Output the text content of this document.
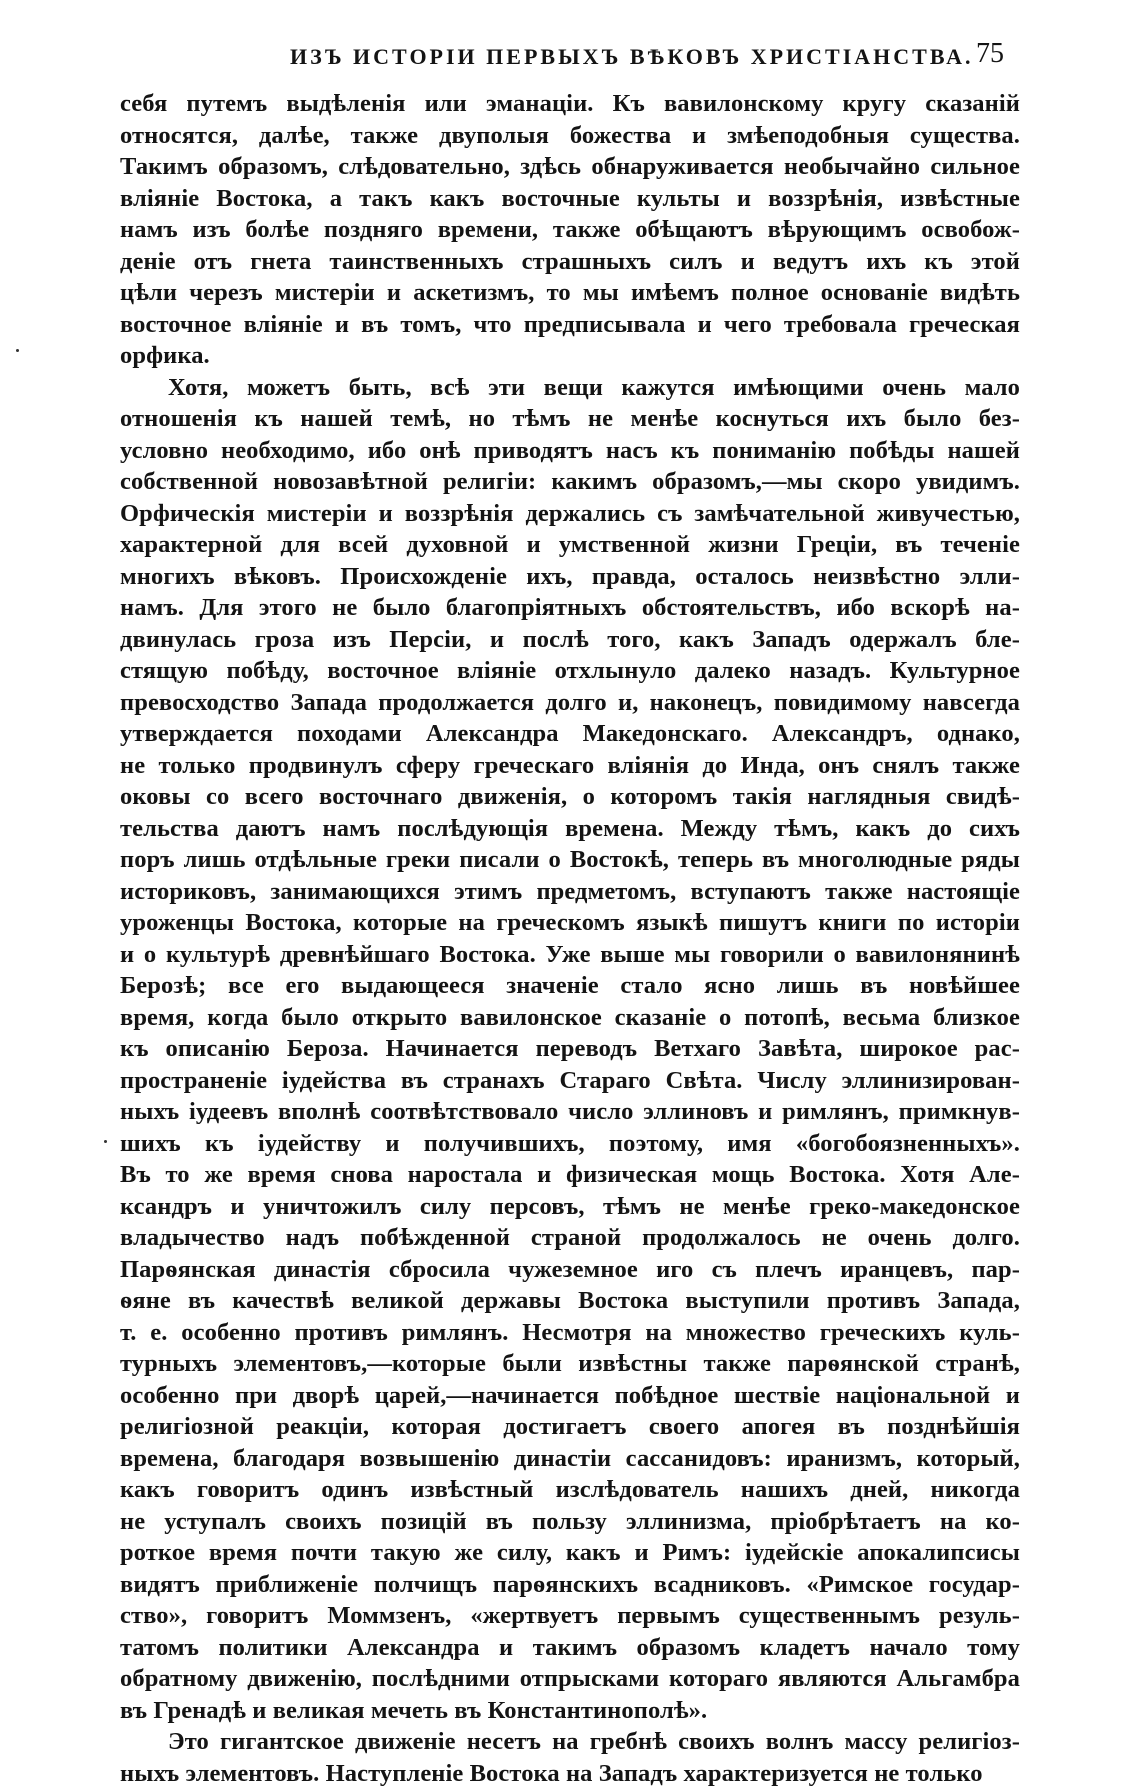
ИЗЪ ИСТОРІИ ПЕРВЫХЪ ВѢКОВЪ ХРИСТІАНСТВА. 75
себя путемъ выдѣленія или эманаціи. Къ вавилонскому кругу сказаній
относятся, далѣе, также двуполыя божества и змѣеподобныя существа.
Такимъ образомъ, слѣдовательно, здѣсь обнаруживается необычайно сильное
вліяніе Востока, а такъ какъ восточные культы и воззрѣнія, извѣстные
намъ изъ болѣе поздняго времени, также обѣщаютъ вѣрующимъ освобож-
деніе отъ гнета таинственныхъ страшныхъ силъ и ведутъ ихъ къ этой
цѣли черезъ мистеріи и аскетизмъ, то мы имѣемъ полное основаніе видѣть
восточное вліяніе и въ томъ, что предписывала и чего требовала греческая
орфика.
Хотя, можетъ быть, всѣ эти вещи кажутся имѣющими очень мало
отношенія къ нашей темѣ, но тѣмъ не менѣе коснуться ихъ было без-
условно необходимо, ибо онѣ приводятъ насъ къ пониманію побѣды нашей
собственной новозавѣтной религіи: какимъ образомъ,—мы скоро увидимъ.
Орфическія мистеріи и воззрѣнія держались съ замѣчательной живучестью,
характерной для всей духовной и умственной жизни Греціи, въ теченіе
многихъ вѣковъ. Происхожденіе ихъ, правда, осталось неизвѣстно элли-
намъ. Для этого не было благопріятныхъ обстоятельствъ, ибо вскорѣ на-
двинулась гроза изъ Персіи, и послѣ того, какъ Западъ одержалъ бле-
стящую побѣду, восточное вліяніе отхлынуло далеко назадъ. Культурное
превосходство Запада продолжается долго и, наконецъ, повидимому навсегда
утверждается походами Александра Македонскаго. Александръ, однако,
не только продвинулъ сферу греческаго вліянія до Инда, онъ снялъ также
оковы со всего восточнаго движенія, о которомъ такія наглядныя свидѣ-
тельства даютъ намъ послѣдующія времена. Между тѣмъ, какъ до сихъ
поръ лишь отдѣльные греки писали о Востокѣ, теперь въ многолюдные ряды
историковъ, занимающихся этимъ предметомъ, вступаютъ также настоящіе
уроженцы Востока, которые на греческомъ языкѣ пишутъ книги по исторіи
и о культурѣ древнѣйшаго Востока. Уже выше мы говорили о вавилонянинѣ
Берозѣ; все его выдающееся значеніе стало ясно лишь въ новѣйшее
время, когда было открыто вавилонское сказаніе о потопѣ, весьма близкое
къ описанію Бероза. Начинается переводъ Ветхаго Завѣта, широкое рас-
пространеніе іудейства въ странахъ Стараго Свѣта. Числу эллинизирован-
ныхъ іудеевъ вполнѣ соотвѣтствовало число эллиновъ и римлянъ, примкнув-
шихъ къ іудейству и получившихъ, поэтому, имя «богобоязненныхъ».
Въ то же время снова наростала и физическая мощь Востока. Хотя Але-
ксандръ и уничтожилъ силу персовъ, тѣмъ не менѣе греко-македонское
владычество надъ побѣжденной страной продолжалось не очень долго.
Парѳянская династія сбросила чужеземное иго съ плечъ иранцевъ, пар-
ѳяне въ качествѣ великой державы Востока выступили противъ Запада,
т. е. особенно противъ римлянъ. Несмотря на множество греческихъ куль-
турныхъ элементовъ,—которые были извѣстны также парѳянской странѣ,
особенно при дворѣ царей,—начинается побѣдное шествіе національной и
религіозной реакціи, которая достигаетъ своего апогея въ позднѣйшія
времена, благодаря возвышенію династіи сассанидовъ: иранизмъ, который,
какъ говоритъ одинъ извѣстный изслѣдователь нашихъ дней, никогда
не уступалъ своихъ позицій въ пользу эллинизма, пріобрѣтаетъ на ко-
роткое время почти такую же силу, какъ и Римъ: іудейскіе апокалипсисы
видятъ приближеніе полчищъ парѳянскихъ всадниковъ. «Римское государ-
ство», говоритъ Моммзенъ, «жертвуетъ первымъ существеннымъ резуль-
татомъ политики Александра и такимъ образомъ кладетъ начало тому
обратному движенію, послѣдними отпрысками котораго являются Альгамбра
въ Гренадѣ и великая мечеть въ Константинополѣ».
Это гигантское движеніе несетъ на гребнѣ своихъ волнъ массу религіоз-
ныхъ элементовъ. Наступленіе Востока на Западъ характеризуется не только
